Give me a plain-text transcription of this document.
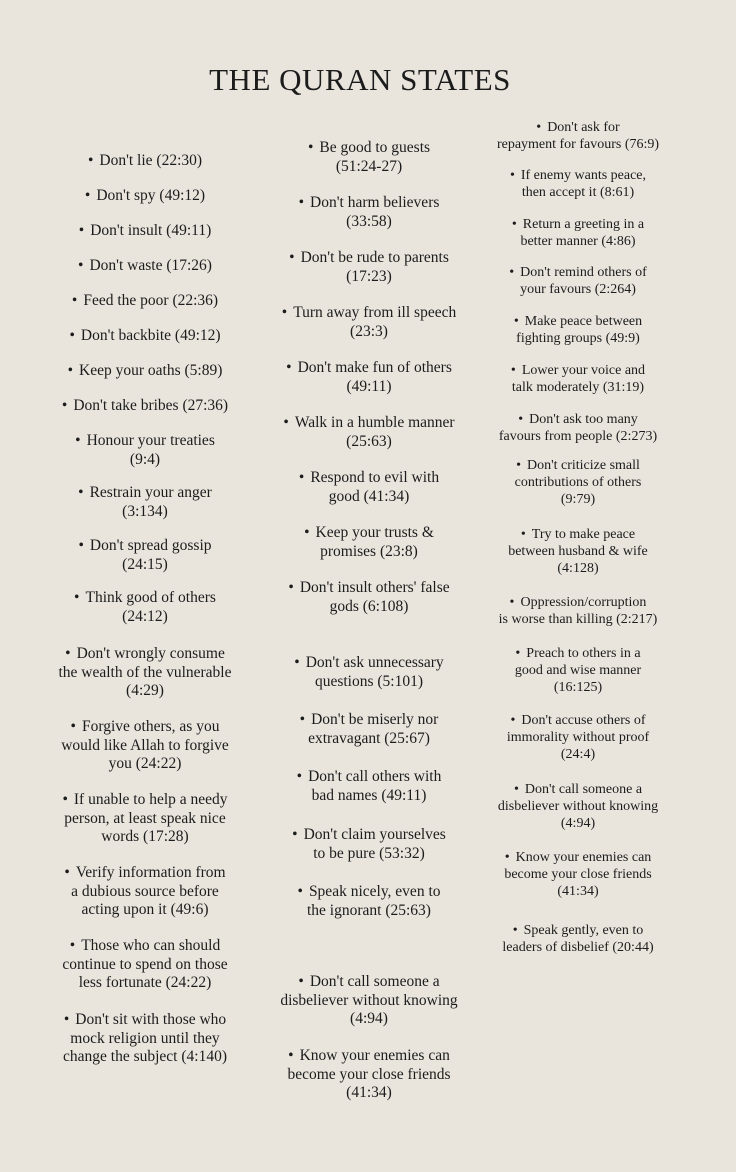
THE QURAN STATES
• Don't lie (22:30)
• Don't spy (49:12)
• Don't insult (49:11)
• Don't waste (17:26)
• Feed the poor (22:36)
• Don't backbite (49:12)
• Keep your oaths (5:89)
• Don't take bribes (27:36)
• Honour your treaties
(9:4)
• Restrain your anger
(3:134)
• Don't spread gossip
(24:15)
• Think good of others
(24:12)
• Don't wrongly consume
the wealth of the vulnerable
(4:29)
• Forgive others, as you
would like Allah to forgive
you (24:22)
• If unable to help a needy
person, at least speak nice
words (17:28)
• Verify information from
a dubious source before
acting upon it (49:6)
• Those who can should
continue to spend on those
less fortunate (24:22)
• Don't sit with those who
mock religion until they
change the subject (4:140)
• Be good to guests
(51:24-27)
• Don't harm believers
(33:58)
• Don't be rude to parents
(17:23)
• Turn away from ill speech
(23:3)
• Don't make fun of others
(49:11)
• Walk in a humble manner
(25:63)
• Respond to evil with
good (41:34)
• Keep your trusts &
promises (23:8)
• Don't insult others' false
gods (6:108)
• Don't ask unnecessary
questions (5:101)
• Don't be miserly nor
extravagant (25:67)
• Don't call others with
bad names (49:11)
• Don't claim yourselves
to be pure (53:32)
• Speak nicely, even to
the ignorant (25:63)
• Don't call someone a
disbeliever without knowing
(4:94)
• Know your enemies can
become your close friends
(41:34)
• Don't ask for
repayment for favours (76:9)
• If enemy wants peace,
then accept it (8:61)
• Return a greeting in a
better manner (4:86)
• Don't remind others of
your favours (2:264)
• Make peace between
fighting groups (49:9)
• Lower your voice and
talk moderately (31:19)
• Don't ask too many
favours from people (2:273)
• Don't criticize small
contributions of others
(9:79)
• Try to make peace
between husband & wife
(4:128)
• Oppression/corruption
is worse than killing (2:217)
• Preach to others in a
good and wise manner
(16:125)
• Don't accuse others of
immorality without proof
(24:4)
• Don't call someone a
disbeliever without knowing
(4:94)
• Know your enemies can
become your close friends
(41:34)
• Speak gently, even to
leaders of disbelief (20:44)
